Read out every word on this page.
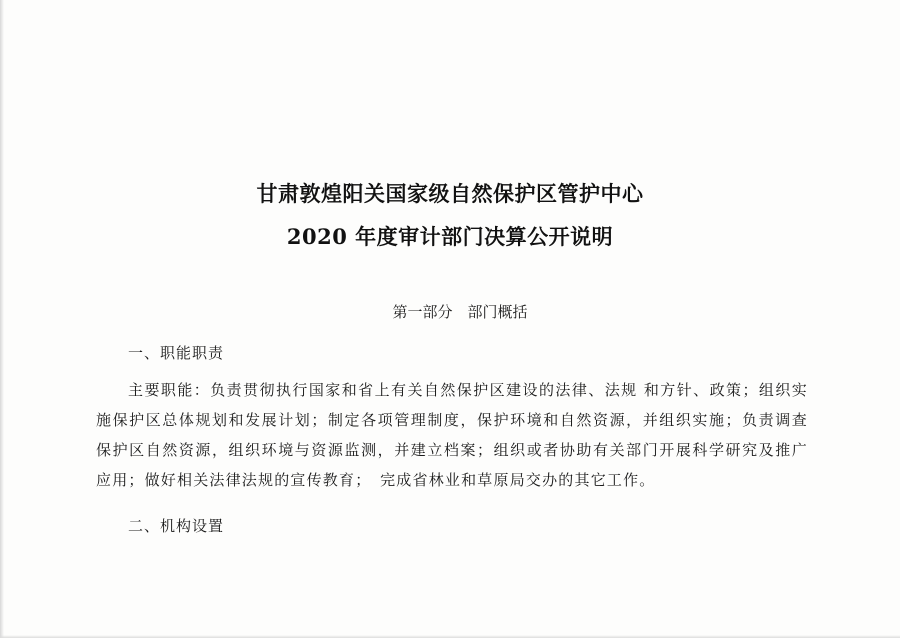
甘肃敦煌阳关国家级自然保护区管护中心
2020 年度审计部门决算公开说明
第一部分　部门概括
一、职能职责

主要职能：负责贯彻执行国家和省上有关自然保护区建设的法律、法规 和方针、政策；组织实施保护区总体规划和发展计划；制定各项管理制度，保护环境和自然资源，并组织实施；负责调查保护区自然资源，组织环境与资源监测，并建立档案；组织或者协助有关部门开展科学研究及推广应用；做好相关法律法规的宣传教育；　完成省林业和草原局交办的其它工作。

二、机构设置
